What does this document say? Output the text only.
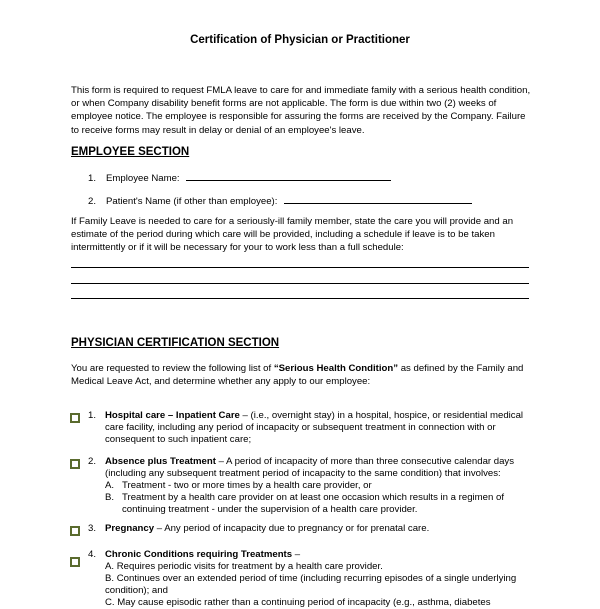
Certification of Physician or Practitioner
This form is required to request FMLA leave to care for and immediate family with a serious health condition, or when Company disability benefit forms are not applicable. The form is due within two (2) weeks of employee notice. The employee is responsible for assuring the forms are received by the Company. Failure to receive forms may result in delay or denial of an employee's leave.
EMPLOYEE SECTION
1. Employee Name:
2. Patient's Name (if other than employee):
If Family Leave is needed to care for a seriously-ill family member, state the care you will provide and an estimate of the period during which care will be provided, including a schedule if leave is to be taken intermittently or if it will be necessary for your to work less than a full schedule:
PHYSICIAN CERTIFICATION SECTION
You are requested to review the following list of “Serious Health Condition” as defined by the Family and Medical Leave Act, and determine whether any apply to our employee:
1. Hospital care – Inpatient Care – (i.e., overnight stay) in a hospital, hospice, or residential medical care facility, including any period of incapacity or subsequent treatment in connection with or consequent to such inpatient care;
2. Absence plus Treatment – A period of incapacity of more than three consecutive calendar days (including any subsequent treatment period of incapacity to the same condition) that involves:
A. Treatment - two or more times by a health care provider, or
B. Treatment by a health care provider on at least one occasion which results in a regimen of continuing treatment - under the supervision of a health care provider.
3. Pregnancy – Any period of incapacity due to pregnancy or for prenatal care.
4. Chronic Conditions requiring Treatments –
A. Requires periodic visits for treatment by a health care provider.
B. Continues over an extended period of time (including recurring episodes of a single underlying condition); and
C. May cause episodic rather than a continuing period of incapacity (e.g., asthma, diabetes
